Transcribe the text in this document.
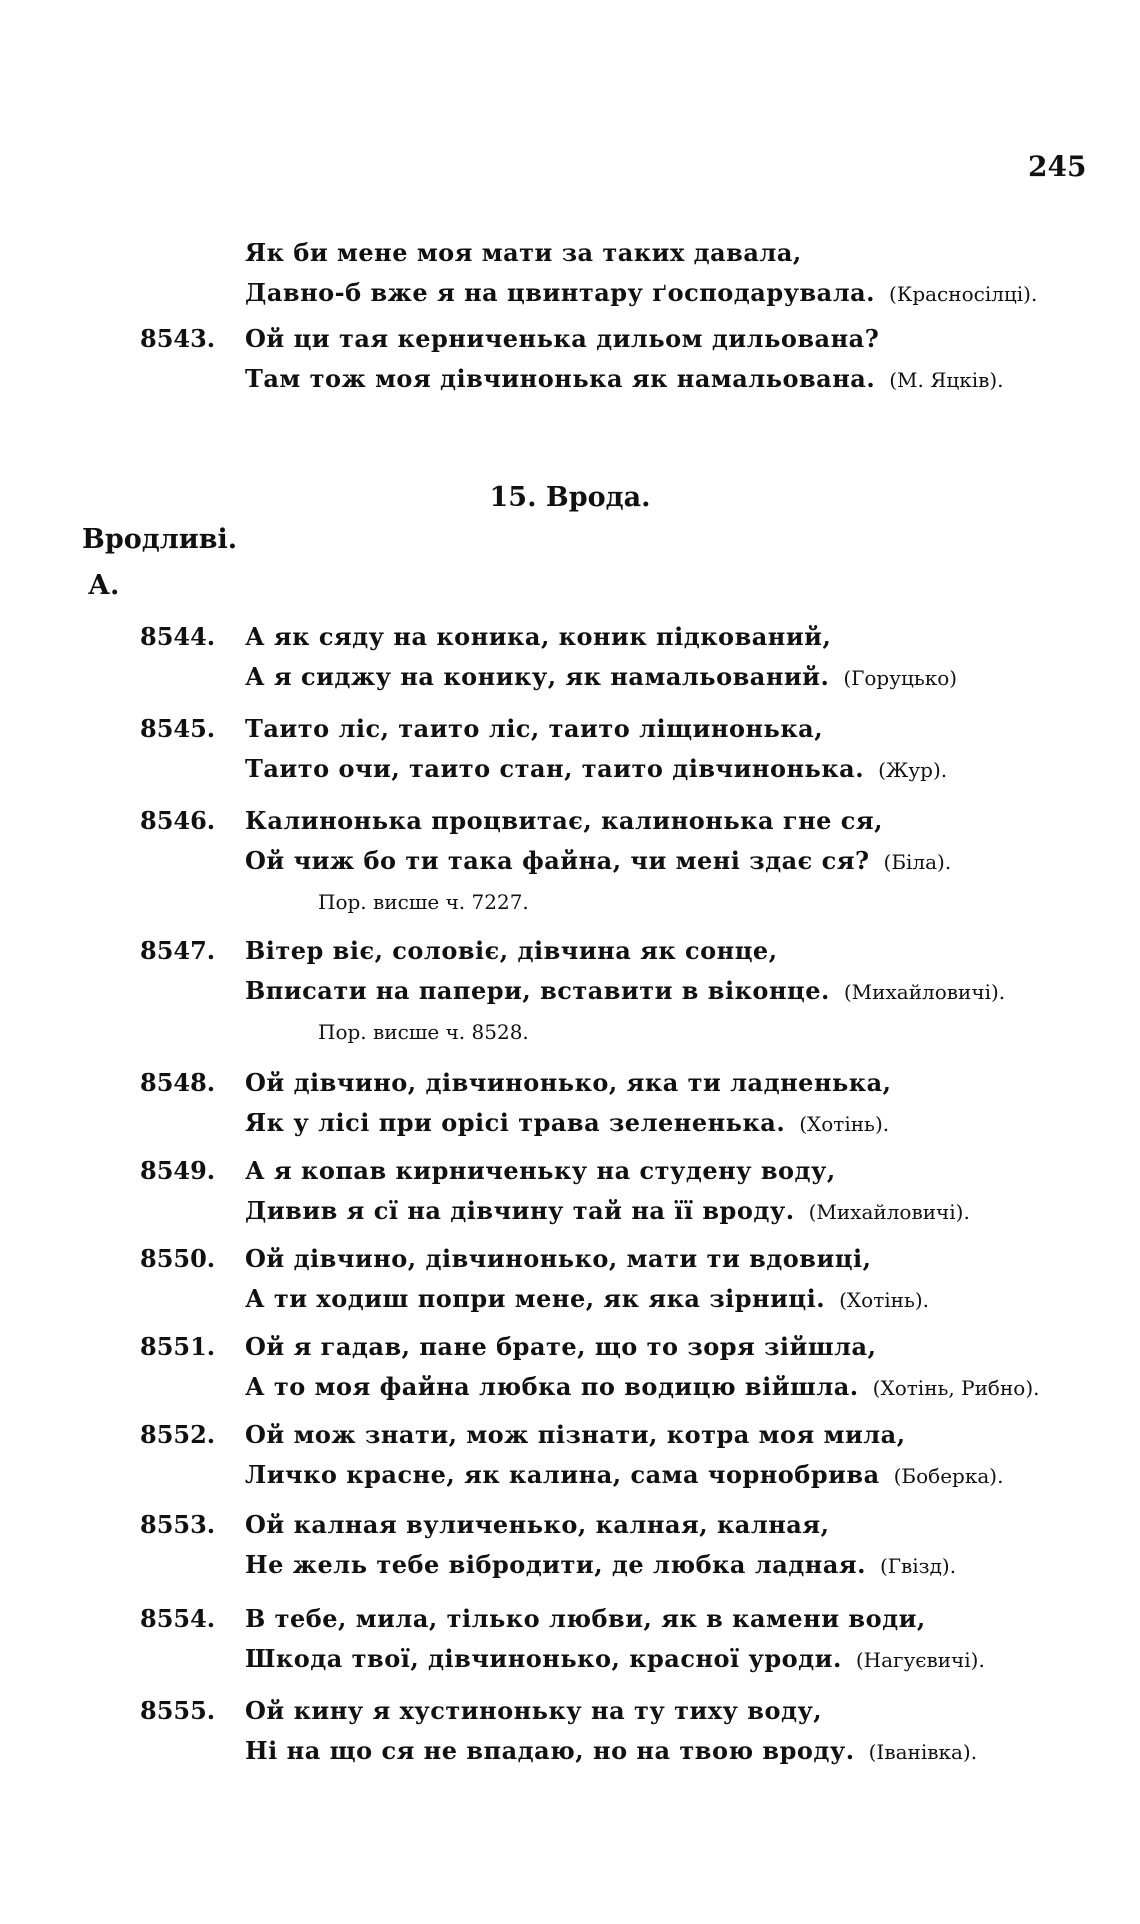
245
Як би мене моя мати за таких давала,
Давно-б вже я на цвинтару ґосподарувала. (Красносілці).
8543.	Ой ци тая керниченька дильом дильована?
Там тож моя дівчинонька як намальована. (М. Яцків).
15. Врода.
Вродливі.
А.
8544.	А як сяду на коника, коник підкований,
А я сиджу на конику, як намальований. (Горуцько)
8545.	Таито ліс, таито ліс, таито ліщинонька,
Таито очи, таито стан, таито дівчинонька. (Жур).
8546.	Калинонька процвитає, калинонька гне ся,
Ой чиж бо ти така файна, чи мені здає ся? (Біла).
Пор. висше ч. 7227.
8547.	Вітер віє, соловіє, дівчина як сонце,
Вписати на папери, вставити в віконце. (Михайловичі).
Пор. висше ч. 8528.
8548.	Ой дівчино, дівчинонько, яка ти ладненька,
Як у лісі при орісі трава зелененька. (Хотінь).
8549.	А я копав кирниченьку на студену воду,
Дивив я сї на дівчину тай на її вроду. (Михайловичі).
8550.	Ой дівчино, дівчинонько, мати ти вдовиці,
А ти ходиш попри мене, як яка зірниці. (Хотінь).
8551.	Ой я гадав, пане брате, що то зоря зійшла,
А то моя файна любка по водицю війшла. (Хотінь, Рибно).
8552.	Ой мож знати, мож пізнати, котра моя мила,
Личко красне, як калина, сама чорнобрива (Боберка).
8553.	Ой калная вуличенько, калная, калная,
Не жель тебе вібродити, де любка ладная. (Гвізд).
8554.	В тебе, мила, тілько любви, як в камени води,
Шкода твої, дівчинонько, красної уроди. (Нагуєвичі).
8555.	Ой кину я хустиноньку на ту тиху воду,
Ні на що ся не впадаю, но на твою вроду. (Іванівка).
